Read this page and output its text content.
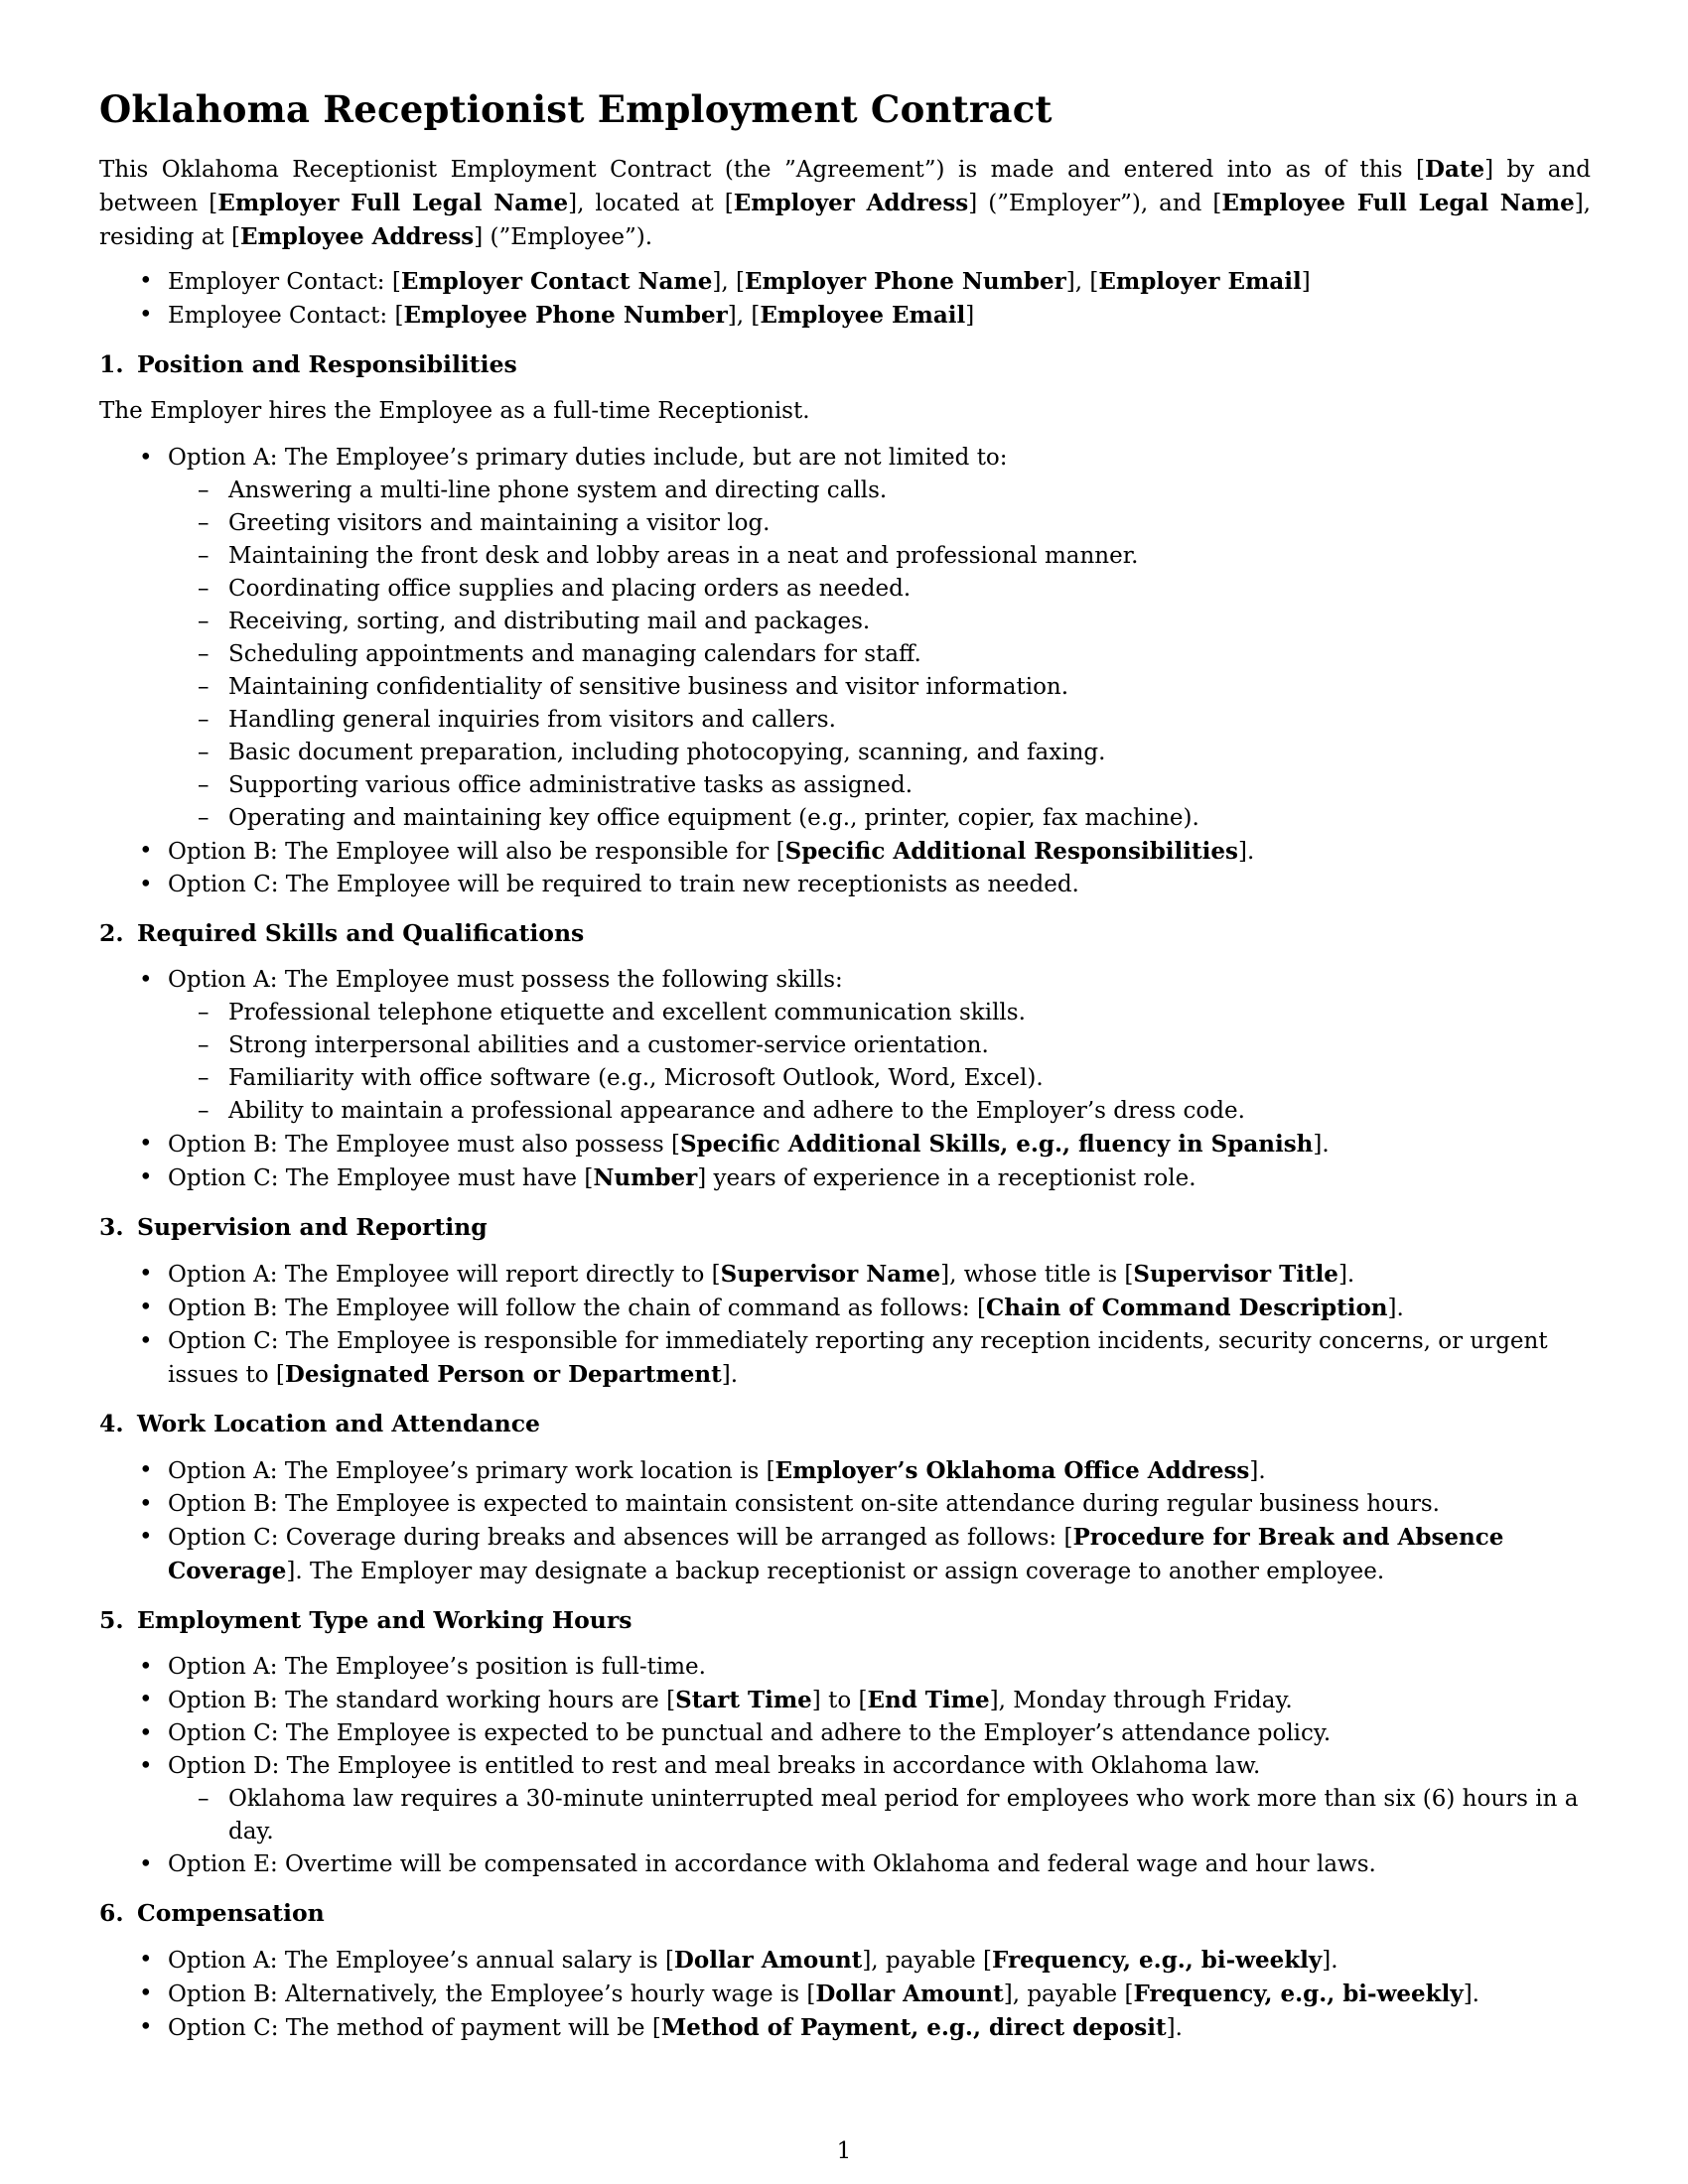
Oklahoma Receptionist Employment Contract

This Oklahoma Receptionist Employment Contract (the ”Agreement”) is made and entered into as of this [Date] by and between [Employer Full Legal Name], located at [Employer Address] (”Employer”), and [Employee Full Legal Name], residing at [Employee Address] (”Employee”).

• Employer Contact: [Employer Contact Name], [Employer Phone Number], [Employer Email]
• Employee Contact: [Employee Phone Number], [Employee Email]
1. Position and Responsibilities

The Employer hires the Employee as a full-time Receptionist.

• Option A: The Employee’s primary duties include, but are not limited to:
– Answering a multi-line phone system and directing calls.
– Greeting visitors and maintaining a visitor log.
– Maintaining the front desk and lobby areas in a neat and professional manner.
– Coordinating office supplies and placing orders as needed.
– Receiving, sorting, and distributing mail and packages.
– Scheduling appointments and managing calendars for staff.
– Maintaining confidentiality of sensitive business and visitor information.
– Handling general inquiries from visitors and callers.
– Basic document preparation, including photocopying, scanning, and faxing.
– Supporting various office administrative tasks as assigned.
– Operating and maintaining key office equipment (e.g., printer, copier, fax machine).
• Option B: The Employee will also be responsible for [Specific Additional Responsibilities].
• Option C: The Employee will be required to train new receptionists as needed.
2. Required Skills and Qualifications
• Option A: The Employee must possess the following skills:
– Professional telephone etiquette and excellent communication skills.
– Strong interpersonal abilities and a customer-service orientation.
– Familiarity with office software (e.g., Microsoft Outlook, Word, Excel).
– Ability to maintain a professional appearance and adhere to the Employer’s dress code.
• Option B: The Employee must also possess [Specific Additional Skills, e.g., fluency in Spanish].
• Option C: The Employee must have [Number] years of experience in a receptionist role.
3. Supervision and Reporting
• Option A: The Employee will report directly to [Supervisor Name], whose title is [Supervisor Title].
• Option B: The Employee will follow the chain of command as follows: [Chain of Command Description].
• Option C: The Employee is responsible for immediately reporting any reception incidents, security concerns, or urgent issues to [Designated Person or Department].
4. Work Location and Attendance
• Option A: The Employee’s primary work location is [Employer’s Oklahoma Office Address].
• Option B: The Employee is expected to maintain consistent on-site attendance during regular business hours.
• Option C: Coverage during breaks and absences will be arranged as follows: [Procedure for Break and Absence Coverage]. The Employer may designate a backup receptionist or assign coverage to another employee.
5. Employment Type and Working Hours
• Option A: The Employee’s position is full-time.
• Option B: The standard working hours are [Start Time] to [End Time], Monday through Friday.
• Option C: The Employee is expected to be punctual and adhere to the Employer’s attendance policy.
• Option D: The Employee is entitled to rest and meal breaks in accordance with Oklahoma law.
– Oklahoma law requires a 30-minute uninterrupted meal period for employees who work more than six (6) hours in a day.
• Option E: Overtime will be compensated in accordance with Oklahoma and federal wage and hour laws.
6. Compensation
• Option A: The Employee’s annual salary is [Dollar Amount], payable [Frequency, e.g., bi-weekly].
• Option B: Alternatively, the Employee’s hourly wage is [Dollar Amount], payable [Frequency, e.g., bi-weekly].
• Option C: The method of payment will be [Method of Payment, e.g., direct deposit].
1
